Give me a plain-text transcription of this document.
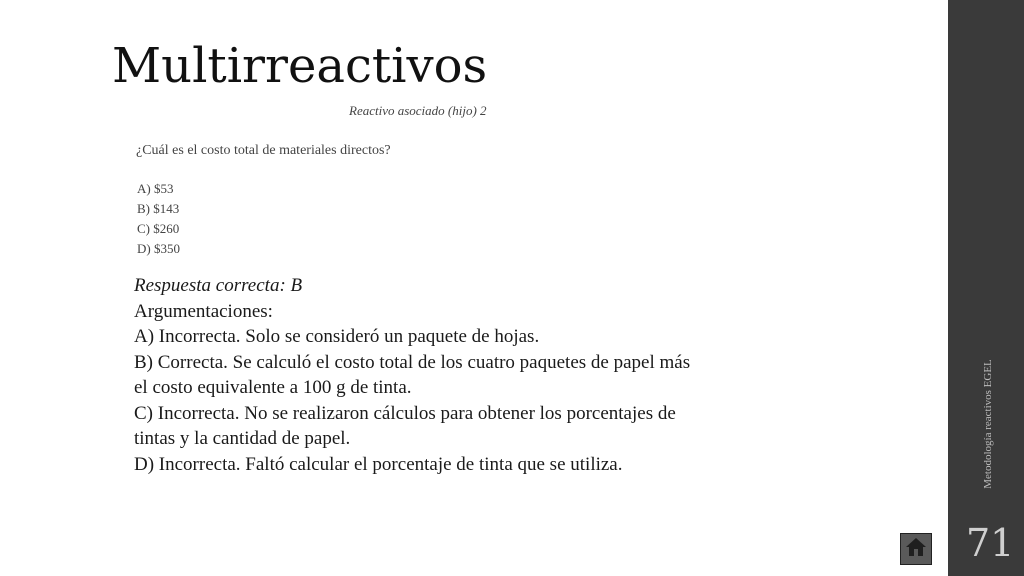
Multirreactivos
Reactivo asociado (hijo) 2
¿Cuál es el costo total de materiales directos?
A) $53
B) $143
C) $260
D) $350
Respuesta correcta: B
Argumentaciones:
A) Incorrecta. Solo se consideró un paquete de hojas.
B) Correcta. Se calculó el costo total de los cuatro paquetes de papel más
el costo equivalente a 100 g de tinta.
C) Incorrecta. No se realizaron cálculos para obtener los porcentajes de
tintas y la cantidad de papel.
D) Incorrecta. Faltó calcular el porcentaje de tinta que se utiliza.	Metodología reactivos EGEL
71
